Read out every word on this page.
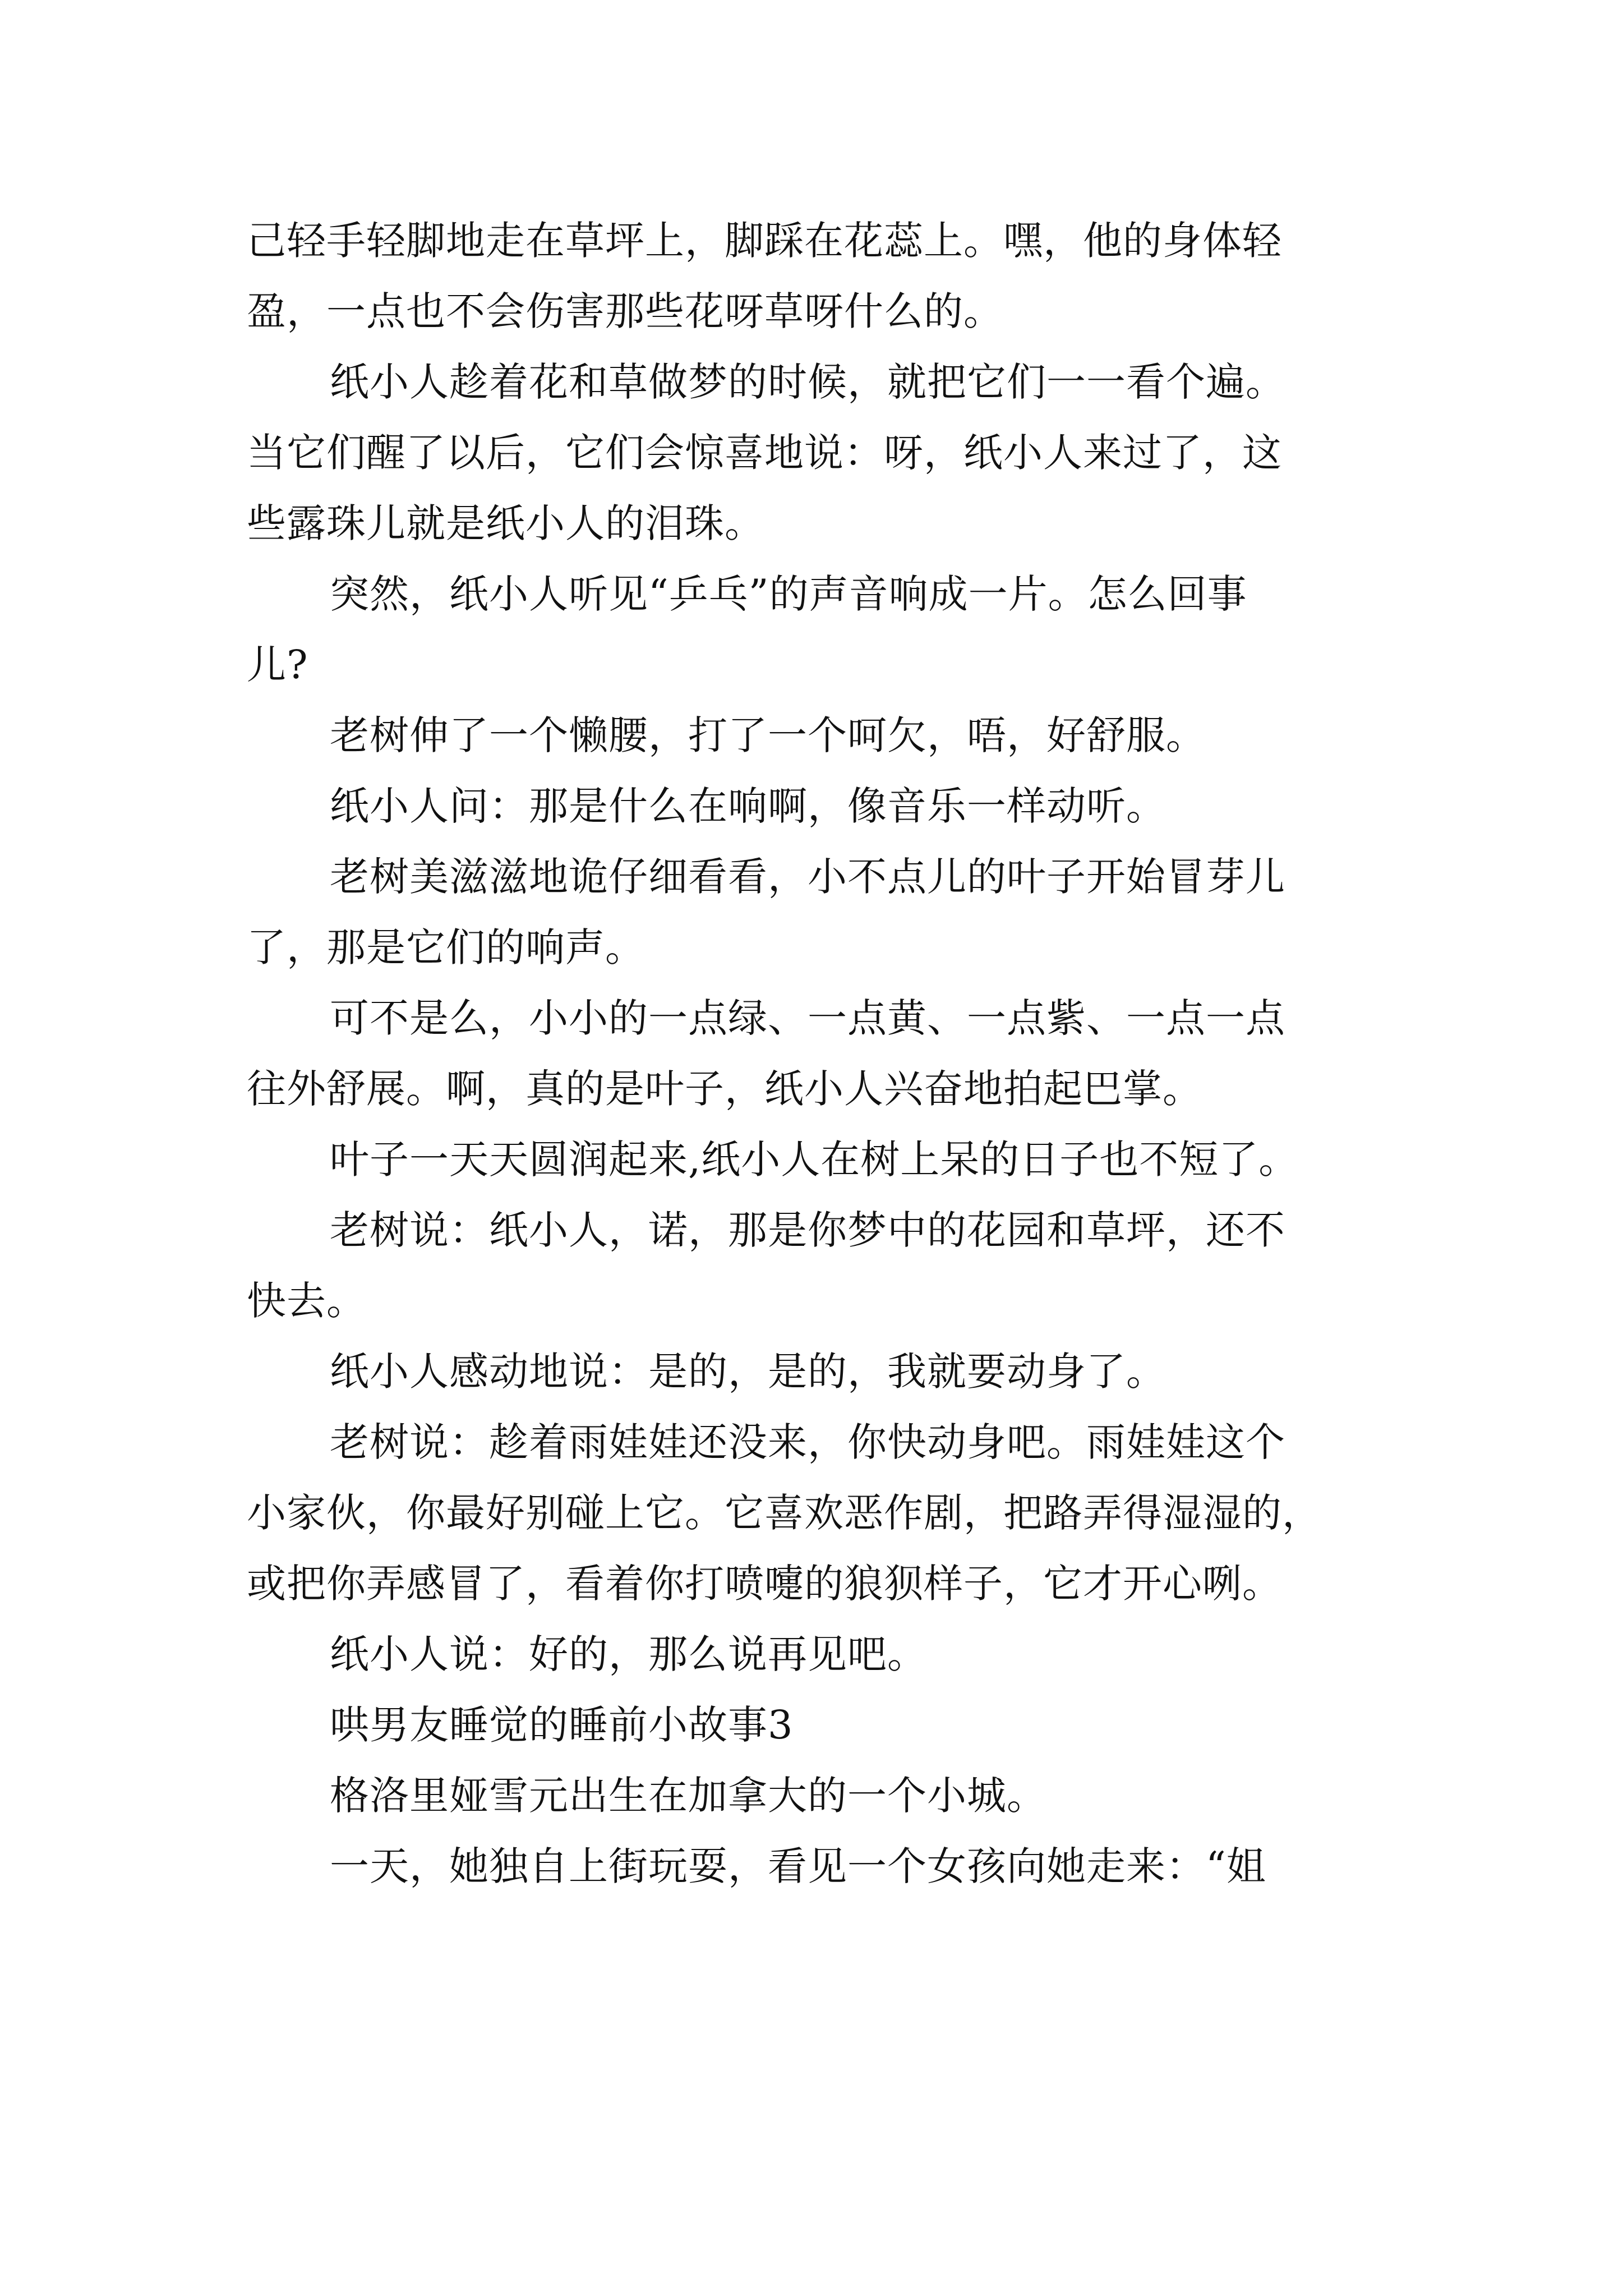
己轻手轻脚地走在草坪上，脚踩在花蕊上。嘿，他的身体轻
盈，一点也不会伤害那些花呀草呀什么的。
纸小人趁着花和草做梦的时候，就把它们一一看个遍。
当它们醒了以后，它们会惊喜地说：呀，纸小人来过了，这
些露珠儿就是纸小人的泪珠。
突然，纸小人听见“乒乓”的声音响成一片。怎么回事
儿?
老树伸了一个懒腰，打了一个呵欠，唔，好舒服。
纸小人问：那是什么在响啊，像音乐一样动听。
老树美滋滋地诡仔细看看，小不点儿的叶子开始冒芽儿
了，那是它们的响声。
可不是么，小小的一点绿、一点黄、一点紫、一点一点
往外舒展。啊，真的是叶子，纸小人兴奋地拍起巴掌。
叶子一天天圆润起来,纸小人在树上呆的日子也不短了。
老树说：纸小人，诺，那是你梦中的花园和草坪，还不
快去。
纸小人感动地说：是的，是的，我就要动身了。
老树说：趁着雨娃娃还没来，你快动身吧。雨娃娃这个
小家伙，你最好别碰上它。它喜欢恶作剧，把路弄得湿湿的，
或把你弄感冒了，看着你打喷嚏的狼狈样子，它才开心咧。
纸小人说：好的，那么说再见吧。
哄男友睡觉的睡前小故事3
格洛里娅雪元出生在加拿大的一个小城。
一天，她独自上街玩耍，看见一个女孩向她走来：“姐
